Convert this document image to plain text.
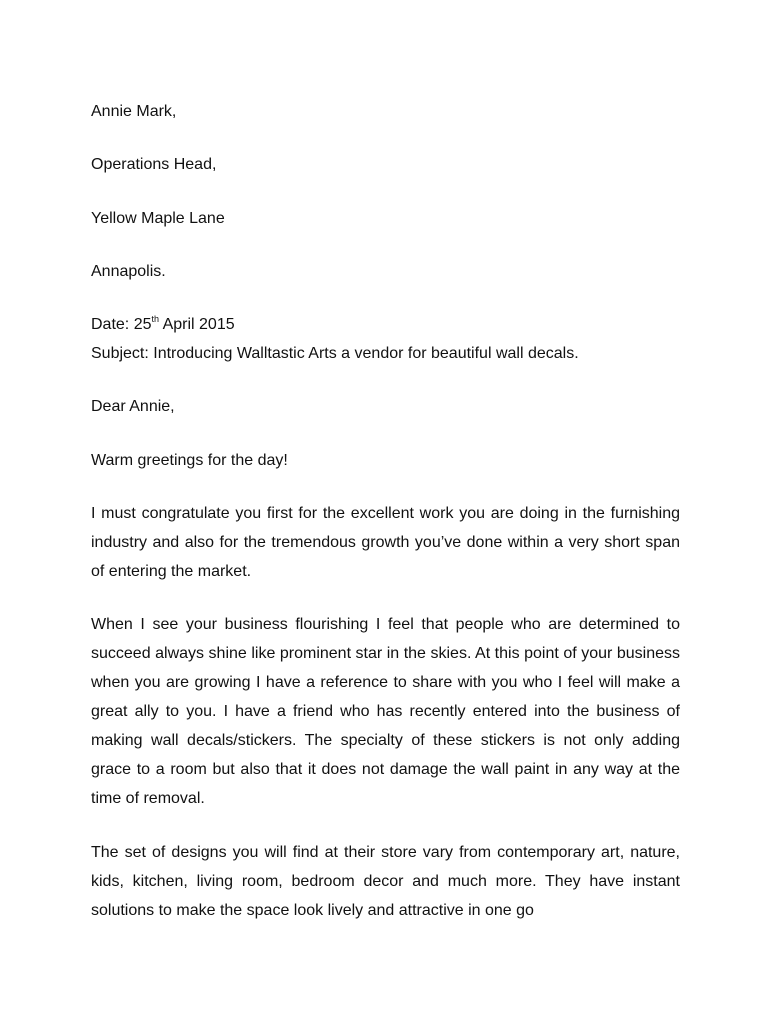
Annie Mark,
Operations Head,
Yellow Maple Lane
Annapolis.
Date: 25th April 2015
Subject: Introducing Walltastic Arts a vendor for beautiful wall decals.
Dear Annie,
Warm greetings for the day!
I must congratulate you first for the excellent work you are doing in the furnishing industry and also for the tremendous growth you’ve done within a very short span of entering the market.
When I see your business flourishing I feel that people who are determined to succeed always shine like prominent star in the skies. At this point of your business when you are growing I have a reference to share with you who I feel will make a great ally to you. I have a friend who has recently entered into the business of making wall decals/stickers. The specialty of these stickers is not only adding grace to a room but also that it does not damage the wall paint in any way at the time of removal.
The set of designs you will find at their store vary from contemporary art, nature, kids, kitchen, living room, bedroom decor and much more. They have instant solutions to make the space look lively and attractive in one go
